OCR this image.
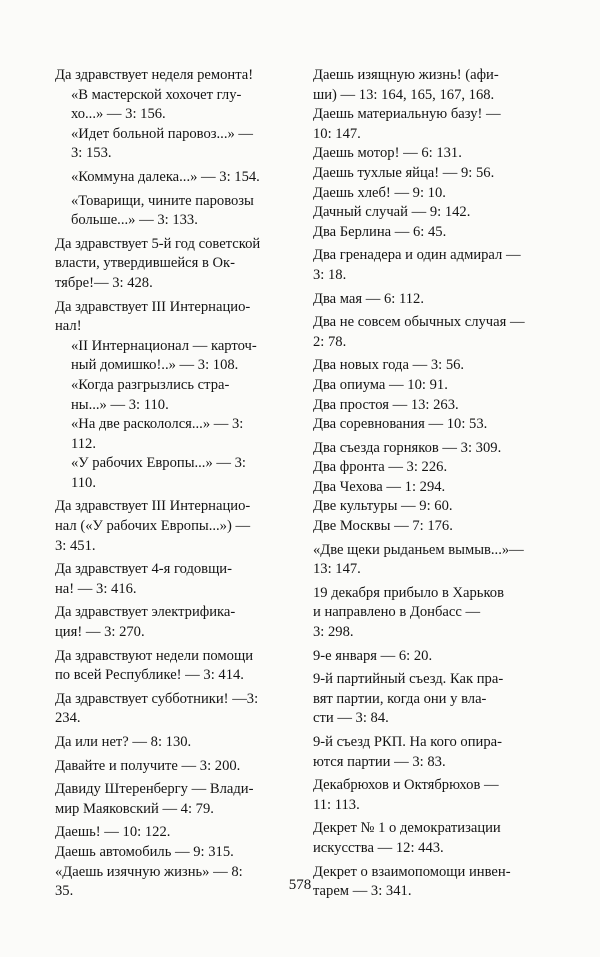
Да здравствует неделя ремонта!
«В мастерской хохочет глу-
хо...» — 3: 156.
«Идет больной паровоз...» —
3: 153.
«Коммуна далека...» — 3: 154.
«Товарищи, чините паровозы
больше...» — 3: 133.
Да здравствует 5-й год советской
власти, утвердившейся в Ок-
тябре!— 3: 428.
Да здравствует III Интернацио-
нал!
«II Интернационал — карточ-
ный домишко!..» — 3: 108.
«Когда разгрызлись стра-
ны...» — 3: 110.
«На две раскололся...» — 3:
112.
«У рабочих Европы...» — 3:
110.
Да здравствует III Интернацио-
нал («У рабочих Европы...») —
3: 451.
Да здравствует 4-я годовщи-
на! — 3: 416.
Да здравствует электрифика-
ция! — 3: 270.
Да здравствуют недели помощи
по всей Республике! — 3: 414.
Да здравствует субботники! —3:
234.
Да или нет? — 8: 130.
Давайте и получите — 3: 200.
Давиду Штеренбергу — Влади-
мир Маяковский — 4: 79.
Даешь! — 10: 122.
Даешь автомобиль — 9: 315.
«Даешь изячную жизнь» — 8:
35.
Даешь изящную жизнь! (афи-
ши) — 13: 164, 165, 167, 168.
Даешь материальную базу! —
10: 147.
Даешь мотор! — 6: 131.
Даешь тухлые яйца! — 9: 56.
Даешь хлеб! — 9: 10.
Дачный случай — 9: 142.
Два Берлина — 6: 45.
Два гренадера и один адмирал —
3: 18.
Два мая — 6: 112.
Два не совсем обычных случая —
2: 78.
Два новых года — 3: 56.
Два опиума — 10: 91.
Два простоя — 13: 263.
Два соревнования — 10: 53.
Два съезда горняков — 3: 309.
Два фронта — 3: 226.
Два Чехова — 1: 294.
Две культуры — 9: 60.
Две Москвы — 7: 176.
«Две щеки рыданьем вымыв...»—
13: 147.
19 декабря прибыло в Харьков
и направлено в Донбасс —
3: 298.
9-е января — 6: 20.
9-й партийный съезд. Как пра-
вят партии, когда они у вла-
сти — 3: 84.
9-й съезд РКП. На кого опира-
ются партии — 3: 83.
Декабрюхов и Октябрюхов —
11: 113.
Декрет № 1 о демократизации
искусства — 12: 443.
Декрет о взаимопомощи инвен-
тарем — 3: 341.
578
